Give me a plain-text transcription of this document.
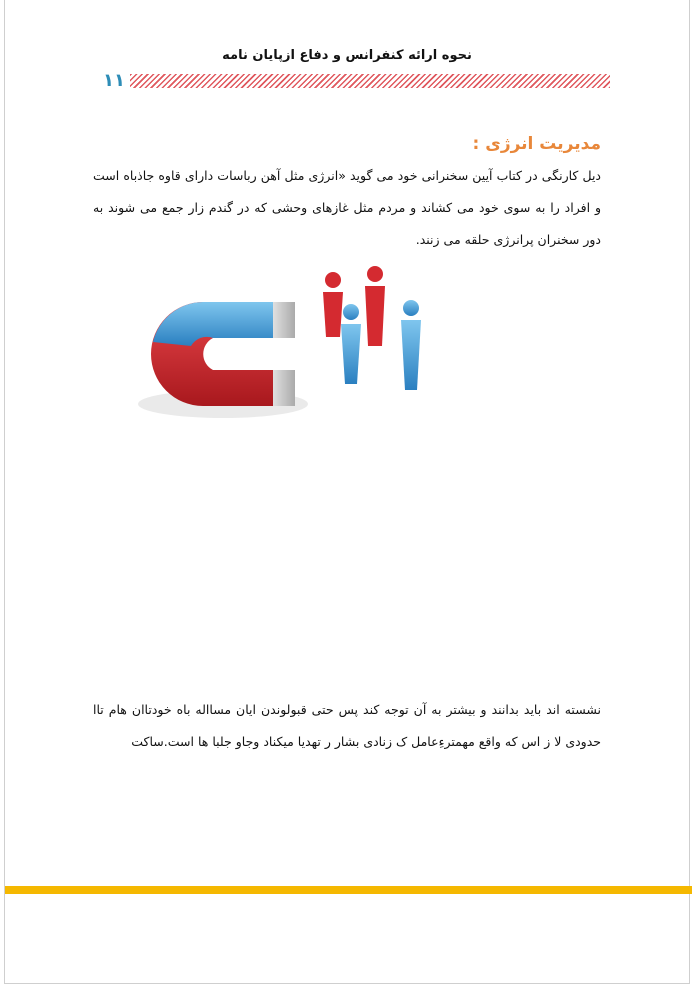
نحوه ارائه کنفرانس و دفاع ازپایان نامه
۱۱
مدیریت انرژی :
دیل کارنگی در کتاب آیین سخنرانی خود می گوید «انرژی مثل آهن رباسات دارای قاوه جاذباه است و افراد را به سوی خود می کشاند و مردم مثل غازهای وحشی که در گندم زار جمع می شوند به دور سخنران پرانرژی حلقه می زنند.
نشسته اند باید بدانند و بیشتر به آن توجه کند پس حتی قبولوندن ایان مسااله باه خودتاان هام تاا حدودی لا ز اس که واقع مهمترءِعامل ک زنادی بشار ر تهدیا میکناد وجاو جلبا ها است.ساکت
